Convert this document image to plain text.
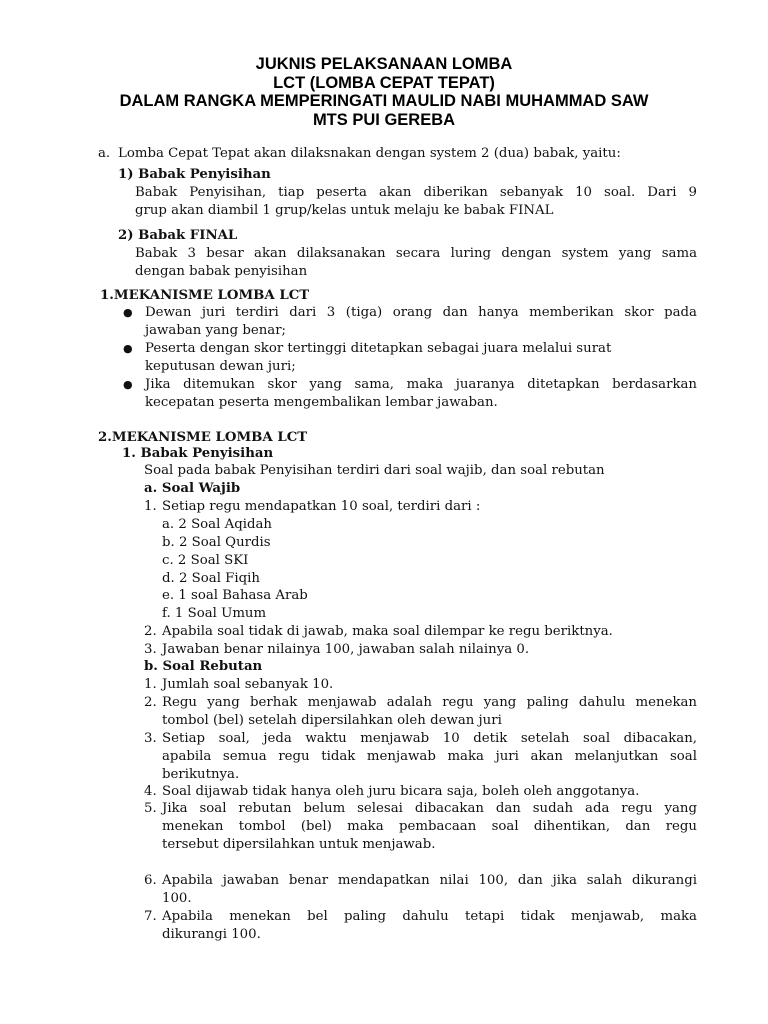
JUKNIS PELAKSANAAN LOMBA
LCT (LOMBA CEPAT TEPAT)
DALAM RANGKA MEMPERINGATI MAULID NABI MUHAMMAD SAW
MTS PUI GEREBA
a. Lomba Cepat Tepat akan dilaksnakan dengan system 2 (dua) babak, yaitu:
1) Babak Penyisihan
Babak Penyisihan, tiap peserta akan diberikan sebanyak 10 soal. Dari 9
grup akan diambil 1 grup/kelas untuk melaju ke babak FINAL
2) Babak FINAL
Babak 3 besar akan dilaksanakan secara luring dengan system yang sama
dengan babak penyisihan
1.MEKANISME LOMBA LCT
● Dewan juri terdiri dari 3 (tiga) orang dan hanya memberikan skor pada
jawaban yang benar;
● Peserta dengan skor tertinggi ditetapkan sebagai juara melalui surat
keputusan dewan juri;
● Jika ditemukan skor yang sama, maka juaranya ditetapkan berdasarkan
kecepatan peserta mengembalikan lembar jawaban.
2.MEKANISME LOMBA LCT
1. Babak Penyisihan
Soal pada babak Penyisihan terdiri dari soal wajib, dan soal rebutan
a. Soal Wajib
1. Setiap regu mendapatkan 10 soal, terdiri dari :
a. 2 Soal Aqidah
b. 2 Soal Qurdis
c. 2 Soal SKI
d. 2 Soal Fiqih
e. 1 soal Bahasa Arab
f. 1 Soal Umum
2. Apabila soal tidak di jawab, maka soal dilempar ke regu beriktnya.
3. Jawaban benar nilainya 100, jawaban salah nilainya 0.
b. Soal Rebutan
1. Jumlah soal sebanyak 10.
2. Regu yang berhak menjawab adalah regu yang paling dahulu menekan
tombol (bel) setelah dipersilahkan oleh dewan juri
3. Setiap soal, jeda waktu menjawab 10 detik setelah soal dibacakan,
apabila semua regu tidak menjawab maka juri akan melanjutkan soal
berikutnya.
4. Soal dijawab tidak hanya oleh juru bicara saja, boleh oleh anggotanya.
5. Jika soal rebutan belum selesai dibacakan dan sudah ada regu yang
menekan tombol (bel) maka pembacaan soal dihentikan, dan regu
tersebut dipersilahkan untuk menjawab.
6. Apabila jawaban benar mendapatkan nilai 100, dan jika salah dikurangi
100.
7. Apabila menekan bel paling dahulu tetapi tidak menjawab, maka
dikurangi 100.
